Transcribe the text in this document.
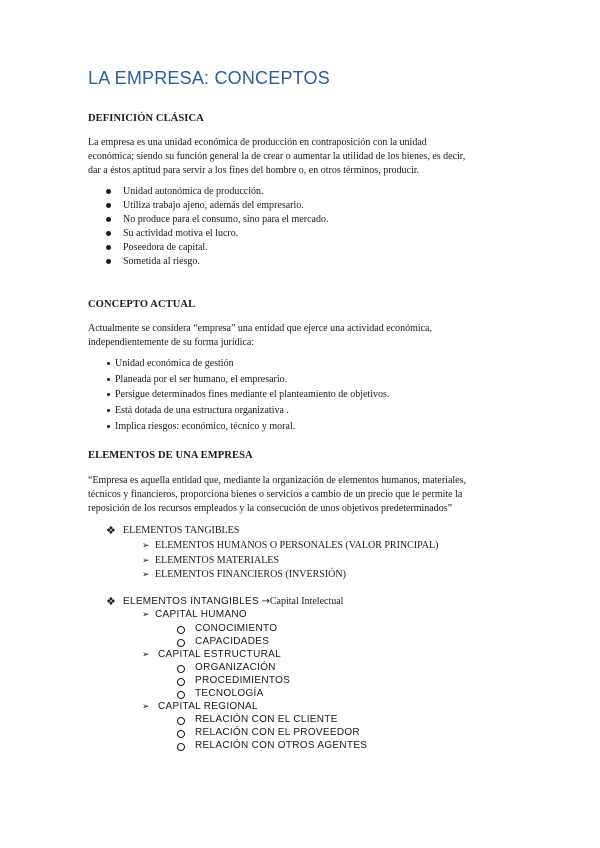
LA EMPRESA: CONCEPTOS
DEFINICIÓN CLÁSICA
La empresa es una unidad económica de producción en contraposición con la unidad
económica; siendo su función general la de crear o aumentar la utilidad de los bienes, es decir,
dar a éstos aptitud para servir a los fines del hombre o, en otros términos, producir.
Unidad autonómica de producción.
Utiliza trabajo ajeno, además del empresario.
No produce para el consumo, sino para el mercado.
Su actividad motiva el lucro.
Poseedora de capital.
Sometida al riesgo.
CONCEPTO ACTUAL
Actualmente se considera “empresa” una entidad que ejerce una actividad económica,
independientemente de su forma jurídica:
Unidad económica de gestión
Planeada por el ser humano, el empresario.
Persigue determinados fines mediante el planteamiento de objetivos.
Está dotada de una estructura organizativa .
Implica riesgos: económico, técnico y moral.
ELEMENTOS DE UNA EMPRESA
“Empresa es aquella entidad que, mediante la organización de elementos humanos, materiales,
técnicos y financieros, proporciona bienes o servicios a cambio de un precio que le permite la
reposición de los recursos empleados y la consecución de unos objetivos predeterminados”
❖ ELEMENTOS TANGIBLES
➢ ELEMENTOS HUMANOS O PERSONALES (VALOR PRINCIPAL)
➢ ELEMENTOS MATERIALES
➢ ELEMENTOS FINANCIEROS (INVERSIÓN)
❖ ELEMENTOS INTANGIBLES →Capital Intelectual
➢ CAPITAL HUMANO
CONOCIMIENTO
CAPACIDADES
➢ CAPITAL ESTRUCTURAL
ORGANIZACIÓN
PROCEDIMIENTOS
TECNOLOGÍA
➢ CAPITAL REGIONAL
RELACIÓN CON EL CLIENTE
RELACIÓN CON EL PROVEEDOR
RELACIÓN CON OTROS AGENTES
